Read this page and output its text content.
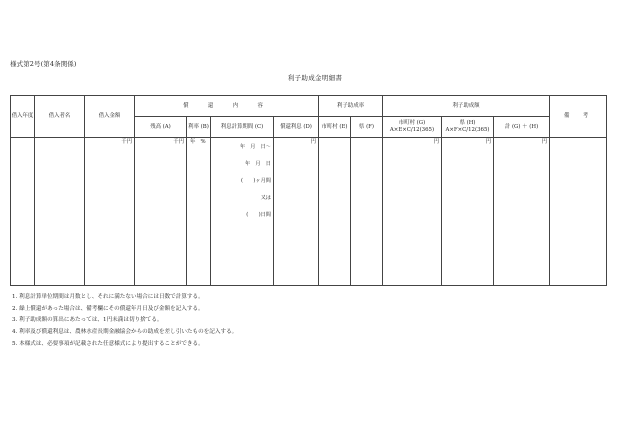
様式第2号(第4条関係)
利子助成金明細書
借入年度	借入者名	借入金額	償　還　内　容				利子助成率		利子助成額			備　考
			残高 (A)	利率 (B)	利息計算期間 (C)	償還利息 (D)	市町村 (E)	県 (F)	市町村 (G) A×E×C/12(365)	県 (H) A×F×C/12(365)	計 (G) ＋ (H)	
		千円	千円	年 %	年　月　日～
年　月　日
(　　)ヶ月間
又は
(　　)日間	円			円	円	円	
1. 利息計算単位期間は月数とし、それに満たない場合には日数で計算する。
2. 繰上償還があった場合は、備考欄にその償還年月日及び金額を記入する。
3. 利子助成額の算出にあたっては、1円未満は切り捨てる。
4. 利率及び償還利息は、農林水産長期金融協会からの助成を差し引いたものを記入する。
5. 本様式は、必要事項が記載された任意様式により提出することができる。
